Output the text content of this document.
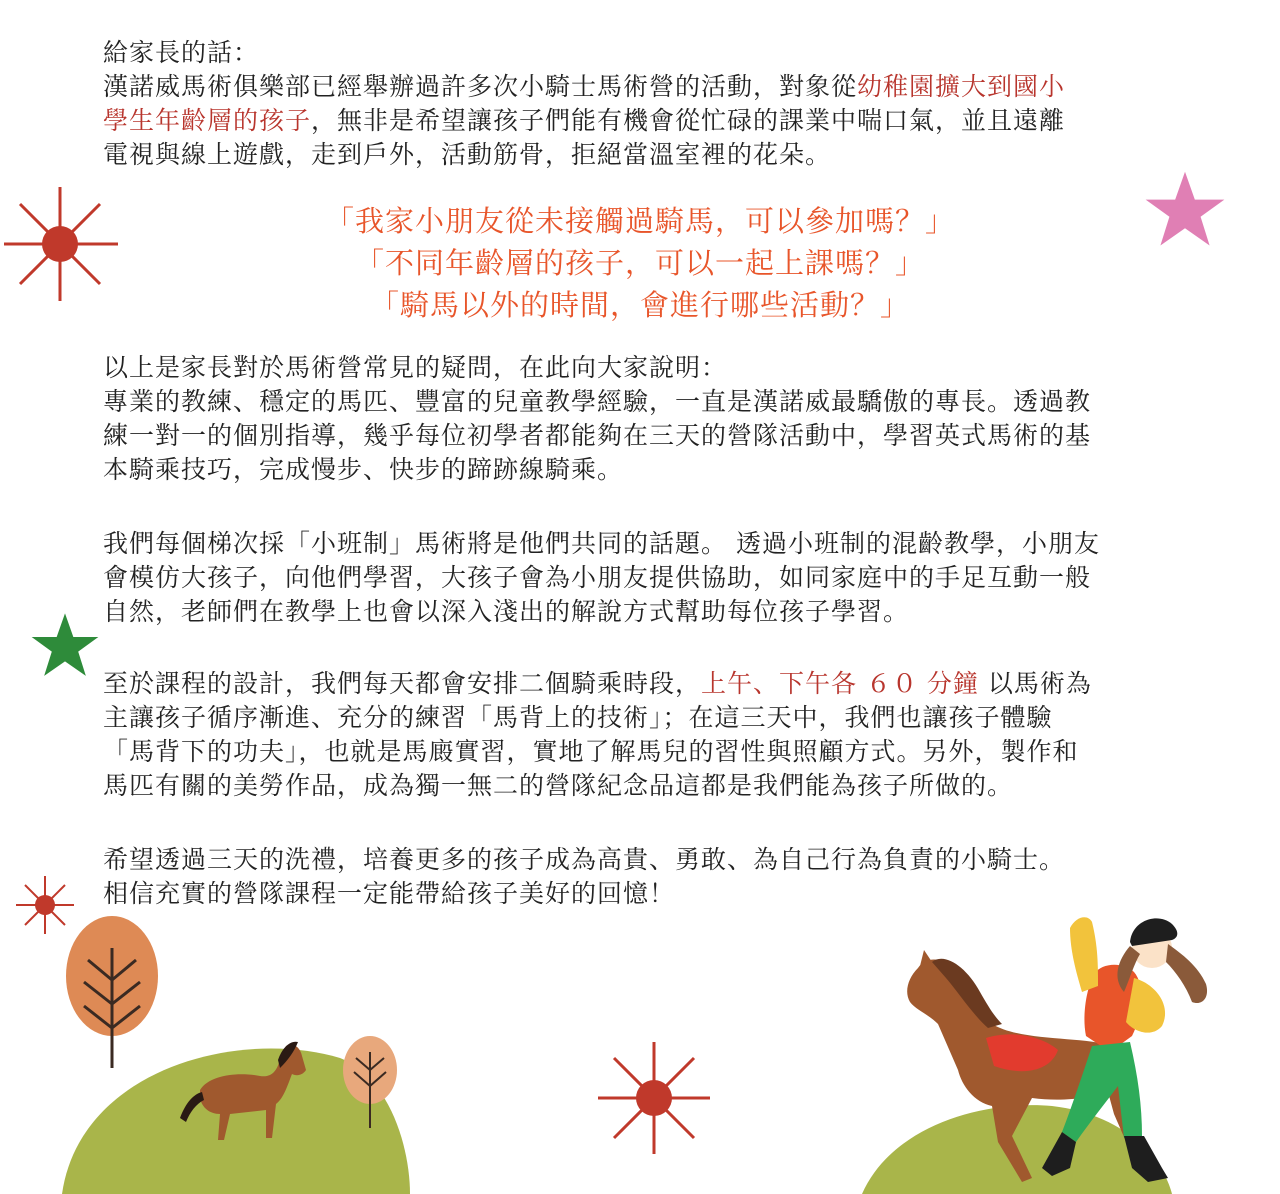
給家長的話：
漢諾威馬術俱樂部已經舉辦過許多次小騎士馬術營的活動，對象從幼稚園擴大到國小
學生年齡層的孩子，無非是希望讓孩子們能有機會從忙碌的課業中喘口氣，並且遠離
電視與線上遊戲，走到戶外，活動筋骨，拒絕當溫室裡的花朵。
「我家小朋友從未接觸過騎馬，可以參加嗎？」
「不同年齡層的孩子，可以一起上課嗎？」
「騎馬以外的時間，會進行哪些活動？」
以上是家長對於馬術營常見的疑問，在此向大家說明：
專業的教練、穩定的馬匹、豐富的兒童教學經驗，一直是漢諾威最驕傲的專長。透過教
練一對一的個別指導，幾乎每位初學者都能夠在三天的營隊活動中，學習英式馬術的基
本騎乘技巧，完成慢步、快步的蹄跡線騎乘。
我們每個梯次採「小班制」馬術將是他們共同的話題。 透過小班制的混齡教學，小朋友
會模仿大孩子，向他們學習，大孩子會為小朋友提供協助，如同家庭中的手足互動一般
自然，老師們在教學上也會以深入淺出的解說方式幫助每位孩子學習。
至於課程的設計，我們每天都會安排二個騎乘時段，上午、下午各 ６０ 分鐘 以馬術為
主讓孩子循序漸進、充分的練習「馬背上的技術」；在這三天中，我們也讓孩子體驗
「馬背下的功夫」，也就是馬廄實習，實地了解馬兒的習性與照顧方式。另外，製作和
馬匹有關的美勞作品，成為獨一無二的營隊紀念品這都是我們能為孩子所做的。
希望透過三天的洗禮，培養更多的孩子成為高貴、勇敢、為自己行為負責的小騎士。
相信充實的營隊課程一定能帶給孩子美好的回憶！
